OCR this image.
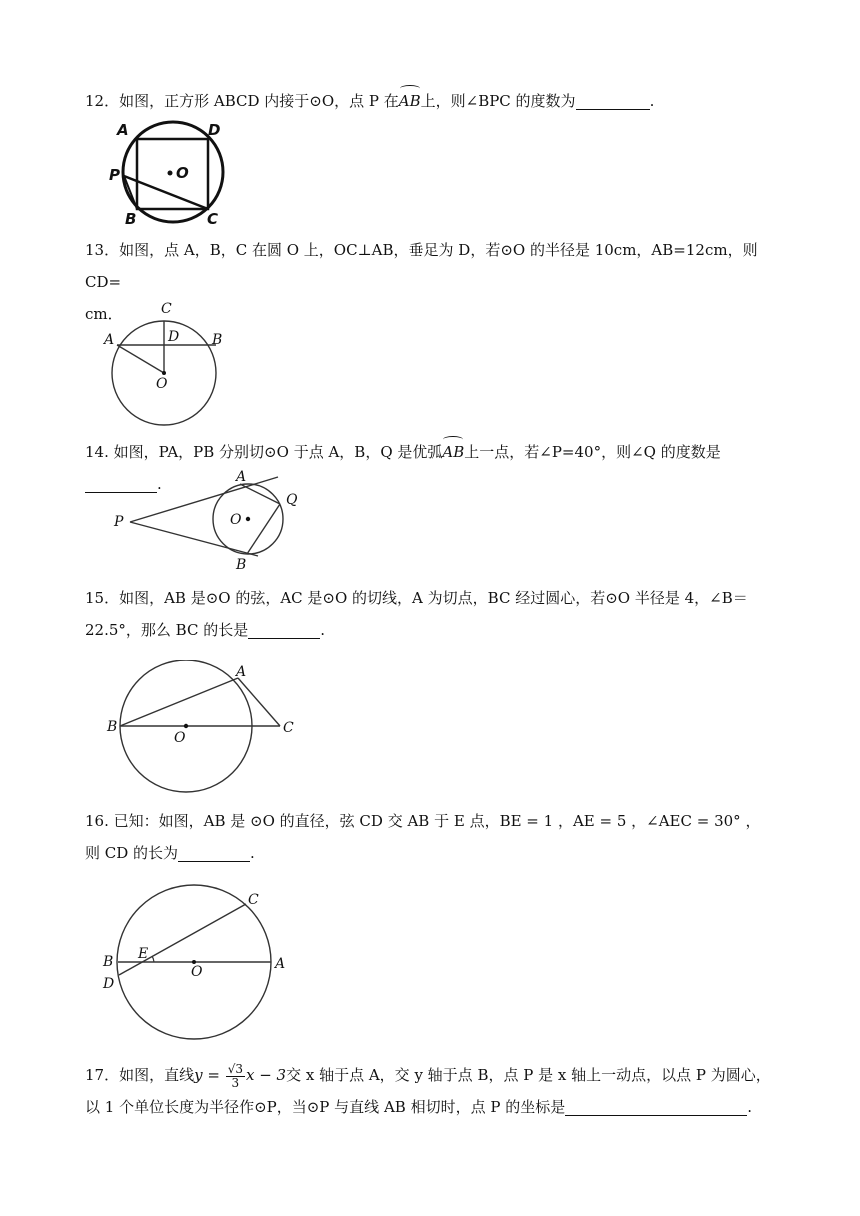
12．如图，正方形 ABCD 内接于⊙O，点 P 在AB上，则∠BPC 的度数为	.
A	D
O
P
B	C
13．如图，点 A，B，C 在圆 O 上，OC⊥AB，垂足为 D，若⊙O 的半径是 10cm，AB=12cm，则 CD=
cm．	C
A	D B
O
14. 如图，PA，PB 分别切⊙O 于点 A，B，Q 是优弧AB上一点，若∠P=40°，则∠Q 的度数是.	A
Q
P	O
B
15．如图，AB 是⊙O 的弦，AC 是⊙O 的切线，A 为切点，BC 经过圆心，若⊙O 半径是 4，∠B＝
22.5°，那么 BC 的长是	.
A
B
O
C
16. 已知：如图，AB 是 ⊙O 的直径，弦 CD 交 AB 于 E 点，BE = 1 ，AE = 5 ，∠AEC = 30° ，
则 CD 的长为	.
C
B E
O	A
D
17．如图，直线$y = \frac{√3}{3}$ x − 3交 x 轴于点 A，交 y 轴于点 B，点 P 是 x 轴上一动点，以点 P 为圆心，
以 1 个单位长度为半径作⊙P，当⊙P 与直线 AB 相切时，点 P 的坐标是	.
